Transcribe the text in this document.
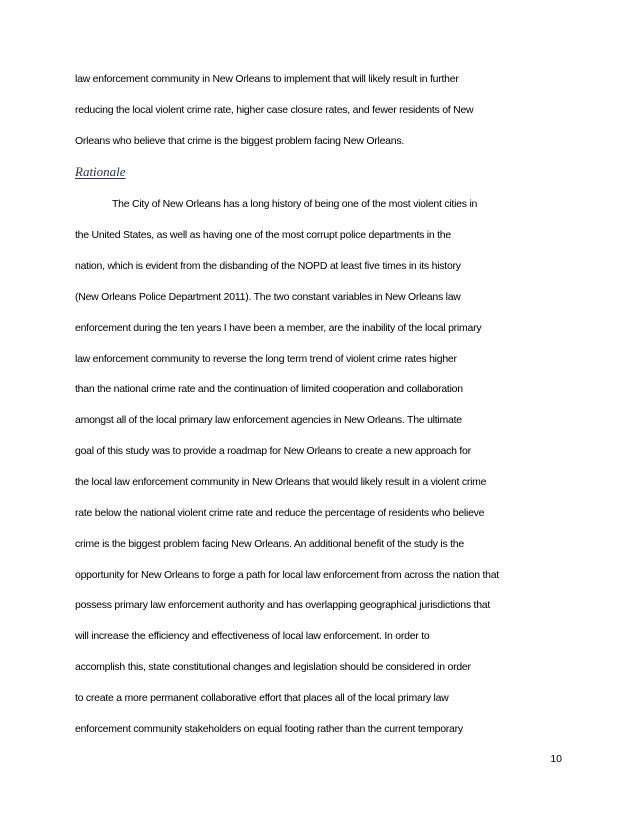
law enforcement community in New Orleans to implement that will likely result in further
reducing the local violent crime rate, higher case closure rates, and fewer residents of New
Orleans who believe that crime is the biggest problem facing New Orleans.
Rationale
The City of New Orleans has a long history of being one of the most violent cities in
the United States, as well as having one of the most corrupt police departments in the
nation, which is evident from the disbanding of the NOPD at least five times in its history
(New Orleans Police Department 2011). The two constant variables in New Orleans law
enforcement during the ten years I have been a member, are the inability of the local primary
law enforcement community to reverse the long term trend of violent crime rates higher
than the national crime rate and the continuation of limited cooperation and collaboration
amongst all of the local primary law enforcement agencies in New Orleans. The ultimate
goal of this study was to provide a roadmap for New Orleans to create a new approach for
the local law enforcement community in New Orleans that would likely result in a violent crime
rate below the national violent crime rate and reduce the percentage of residents who believe
crime is the biggest problem facing New Orleans. An additional benefit of the study is the
opportunity for New Orleans to forge a path for local law enforcement from across the nation that
possess primary law enforcement authority and has overlapping geographical jurisdictions that
will increase the efficiency and effectiveness of local law enforcement. In order to
accomplish this, state constitutional changes and legislation should be considered in order
to create a more permanent collaborative effort that places all of the local primary law
enforcement community stakeholders on equal footing rather than the current temporary
10
